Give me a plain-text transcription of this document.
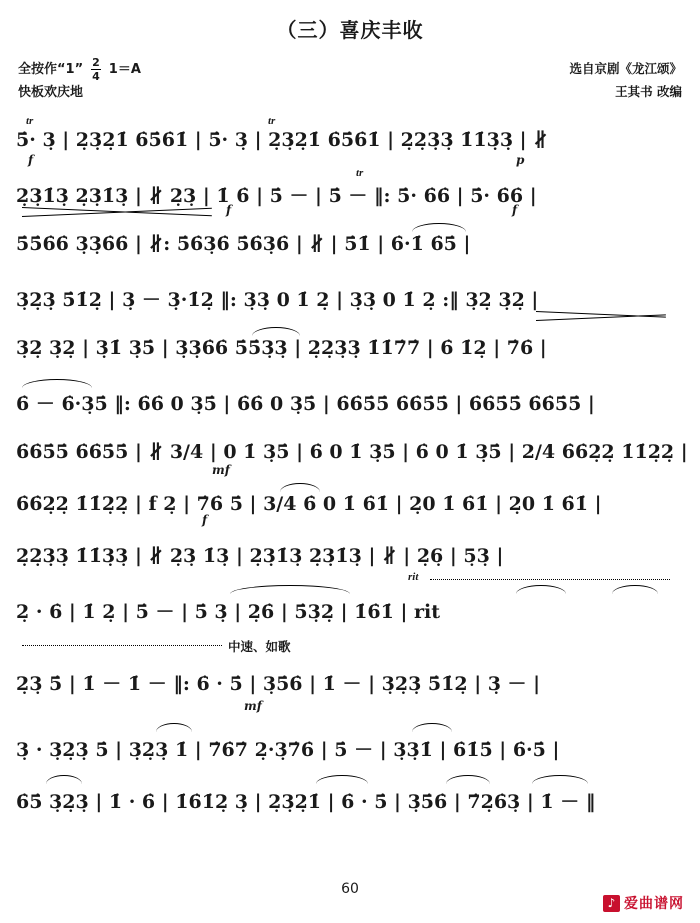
（三）喜庆丰收
全按作“1” $\frac{2}{4} 1=A$
快板欢庆地
选自京剧《龙江颂》
王其书 改编
tr	tr
5̇· 3̣ | 2̣3̣2̣1̇ 6̇5̇6̇1̇ | 5̇· 3̣ | 2̣3̣2̣1̇ 6̇5̇6̇1̇ | 2̣2̣3̣3̣ 1̇1̇3̣3̣ | ∦
f	p
tr
2̣3̣1̇3̣ 2̣3̣1̇3̣ | ∦ 2̣3̣ | 1̇ 6̇ | 5̇ － | 5̇ － ‖: 5̇· 6̇6̇ | 5̇· 6̇6̇ |
f	f
5̇5̇6̇6̇ 3̣3̣6̇6̇ | ∦: 5̇6̇3̣6̇ 5̇6̇3̣6̇ | ∦ | 5̇1̇ | 6̇·1̇ 6̇5̇ |
3̣2̣3̣ 5̇1̇2̣ | 3̣ － 3̣·1̇2̣ ‖: 3̣3̣ 0 1̇ 2̣ | 3̣3̣ 0 1̇ 2̣ :‖ 3̣2̣ 3̣2̣ |
3̣2̣ 3̣2̣ | 3̣1̇ 3̣5̇ | 3̣3̣6̇6̇ 5̇5̇3̣3̣ | 2̣2̣3̣3̣ 1̇1̇7̇7̇ | 6̇ 1̇2̣ | 7̇6̇ |
6̇ － 6̇·3̣5̇ ‖: 6̇6̇ 0 3̣5̇ | 6̇6̇ 0 3̣5̇ | 6̇6̇5̇5̇ 6̇6̇5̇5̇ | 6̇6̇5̇5̇ 6̇6̇5̇5̇ |
6̇6̇5̇5̇ 6̇6̇5̇5̇ | ∦ 3/4 | 0 1̇ 3̣5̇ | 6̇ 0 1̇ 3̣5̇ | 6̇ 0 1̇ 3̣5̇ | 2/4 6̇6̇2̣2̣ 1̇1̇2̣2̣ |
mf
6̇6̇2̣2̣ 1̇1̇2̣2̣ | f 2̣ | 7̇6̇ 5̇ | 3/4 6̇ 0 1̇ 6̇1̇ | 2̣0 1̇ 6̇1̇ | 2̣0 1̇ 6̇1̇ |
f
2̣2̣3̣3̣ 1̇1̇3̣3̣ | ∦ 2̣3̣ 1̇3̣ | 2̣3̣1̇3̣ 2̣3̣1̇3̣ | ∦ | 2̣6̣ | 5̣3̣ |
rit
2̣ · 6̇ | 1̇ 2̣ | 5̇ － | 5̇ 3̣ | 2̣6̇ | 5̇3̣2̣ | 1̇6̇1̇ | rit
中速、如歌
2̣3̣ 5̇ | 1̇ － 1̇ － ‖: 6̇ · 5̇ | 3̣5̇6̇ | 1̇ － | 3̣2̣3̣ 5̇1̇2̣ | 3̣ － |
mf
3̣ · 3̣2̣3̣ 5̇ | 3̣2̣3̣ 1̇ | 7̇6̇7̇ 2̣·3̣7̇6̇ | 5̇ － | 3̣3̣1̇ | 6̇1̇5̇ | 6̇·5̇ |
6̇5̇ 3̣2̣3̣ | 1̇ · 6̇ | 1̇6̇1̇2̣ 3̣ | 2̣3̣2̣1̇ | 6̇ · 5̇ | 3̣5̇6̇ | 7̇2̣6̇3̣ | 1̇ － ‖
60
♪ 爱曲谱网
